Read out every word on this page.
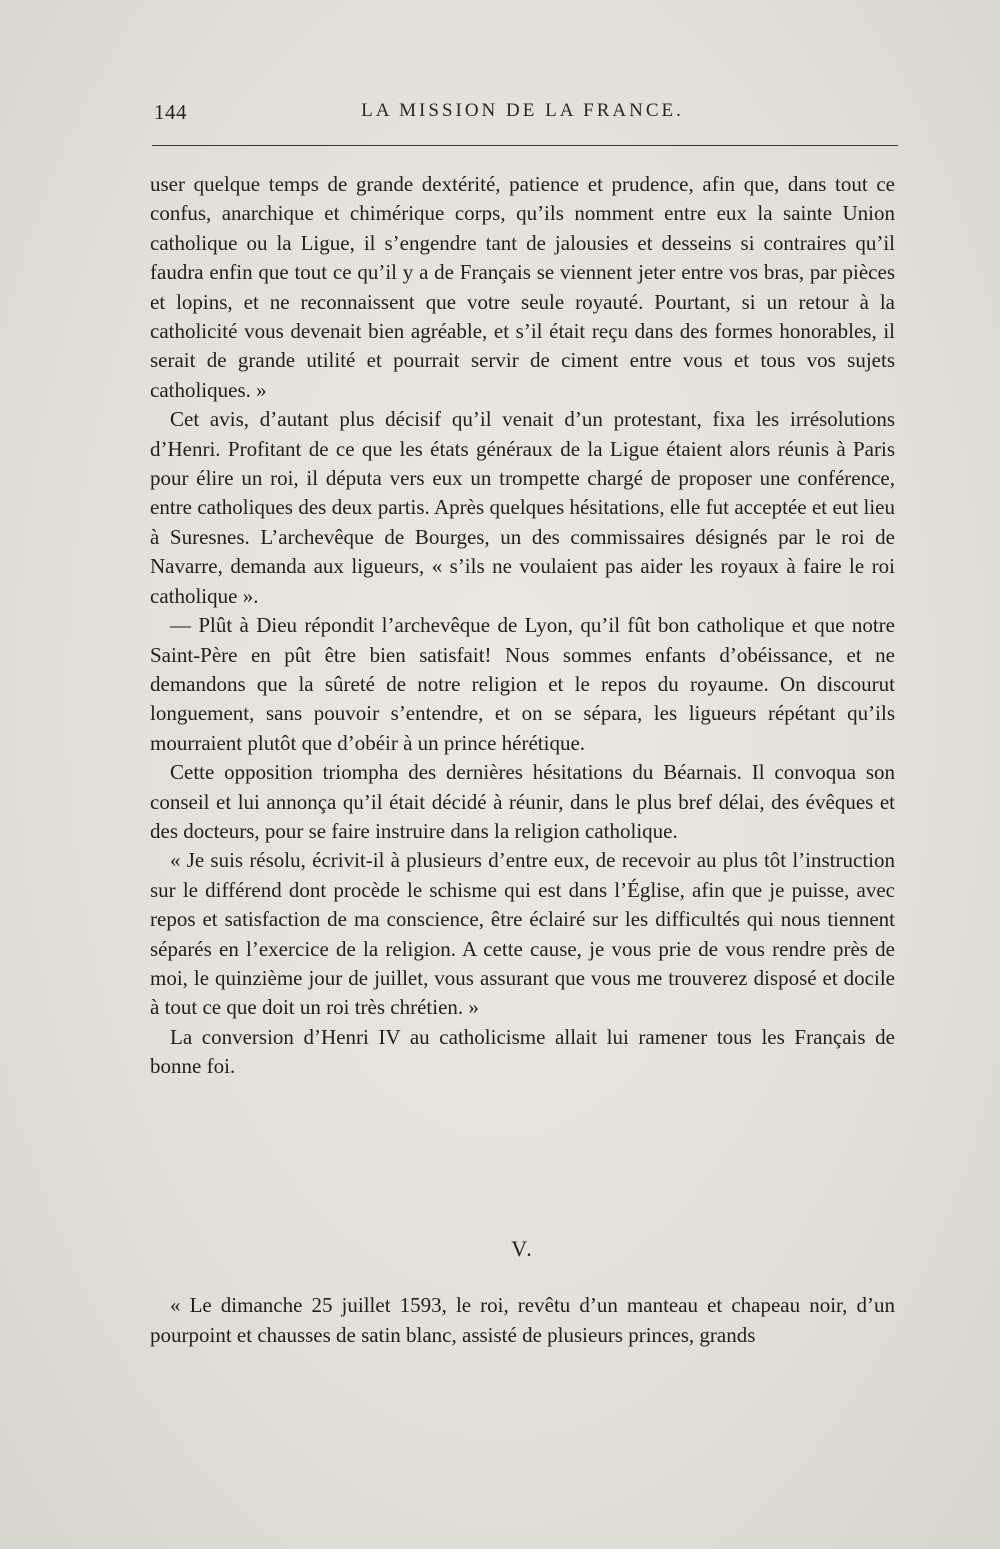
144	LA MISSION DE LA FRANCE.

user quelque temps de grande dextérité, patience et prudence, afin que, dans tout ce confus, anarchique et chimérique corps, qu’ils nomment entre eux la sainte Union catholique ou la Ligue, il s’engendre tant de jalousies et desseins si contraires qu’il faudra enfin que tout ce qu’il y a de Français se viennent jeter entre vos bras, par pièces et lopins, et ne reconnaissent que votre seule royauté. Pourtant, si un retour à la catholicité vous devenait bien agréable, et s’il était reçu dans des formes honorables, il serait de grande utilité et pourrait servir de ciment entre vous et tous vos sujets catholiques. »

Cet avis, d’autant plus décisif qu’il venait d’un protestant, fixa les irrésolutions d’Henri. Profitant de ce que les états généraux de la Ligue étaient alors réunis à Paris pour élire un roi, il députa vers eux un trompette chargé de proposer une conférence, entre catholiques des deux partis. Après quelques hésitations, elle fut acceptée et eut lieu à Suresnes. L’archevêque de Bourges, un des commissaires désignés par le roi de Navarre, demanda aux ligueurs, « s’ils ne voulaient pas aider les royaux à faire le roi catholique ».

— Plût à Dieu répondit l’archevêque de Lyon, qu’il fût bon catholique et que notre Saint-Père en pût être bien satisfait! Nous sommes enfants d’obéissance, et ne demandons que la sûreté de notre religion et le repos du royaume. On discourut longuement, sans pouvoir s’entendre, et on se sépara, les ligueurs répétant qu’ils mourraient plutôt que d’obéir à un prince hérétique.

Cette opposition triompha des dernières hésitations du Béarnais. Il convoqua son conseil et lui annonça qu’il était décidé à réunir, dans le plus bref délai, des évêques et des docteurs, pour se faire instruire dans la religion catholique.

« Je suis résolu, écrivit-il à plusieurs d’entre eux, de recevoir au plus tôt l’instruction sur le différend dont procède le schisme qui est dans l’Église, afin que je puisse, avec repos et satisfaction de ma conscience, être éclairé sur les difficultés qui nous tiennent séparés en l’exercice de la religion. A cette cause, je vous prie de vous rendre près de moi, le quinzième jour de juillet, vous assurant que vous me trouverez disposé et docile à tout ce que doit un roi très chrétien. »

La conversion d’Henri IV au catholicisme allait lui ramener tous les Français de bonne foi.

V.

« Le dimanche 25 juillet 1593, le roi, revêtu d’un manteau et chapeau noir, d’un pourpoint et chausses de satin blanc, assisté de plusieurs princes, grands
